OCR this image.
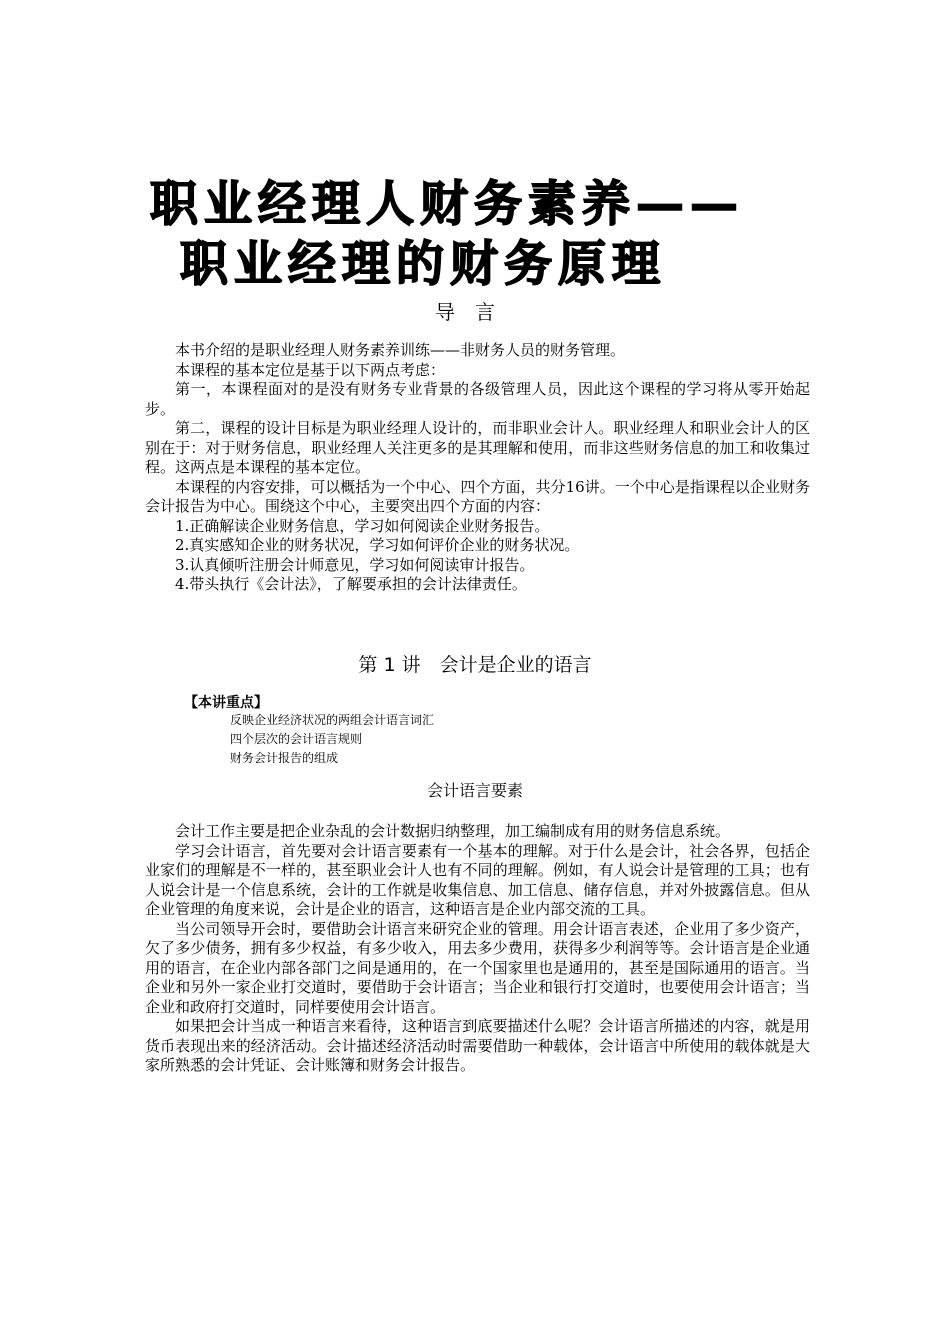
职业经理人财务素养——
职业经理的财务原理
导言

本书介绍的是职业经理人财务素养训练——非财务人员的财务管理。

本课程的基本定位是基于以下两点考虑：

第一，本课程面对的是没有财务专业背景的各级管理人员，因此这个课程的学习将从零开始起步。

第二，课程的设计目标是为职业经理人设计的，而非职业会计人。职业经理人和职业会计人的区别在于：对于财务信息，职业经理人关注更多的是其理解和使用，而非这些财务信息的加工和收集过程。这两点是本课程的基本定位。

本课程的内容安排，可以概括为一个中心、四个方面，共分16讲。一个中心是指课程以企业财务会计报告为中心。围绕这个中心，主要突出四个方面的内容：

1.正确解读企业财务信息，学习如何阅读企业财务报告。

2.真实感知企业的财务状况，学习如何评价企业的财务状况。

3.认真倾听注册会计师意见，学习如何阅读审计报告。

4.带头执行《会计法》，了解要承担的会计法律责任。

第 1 讲　会计是企业的语言
【本讲重点】
反映企业经济状况的两组会计语言词汇
四个层次的会计语言规则
财务会计报告的组成
会计语言要素

会计工作主要是把企业杂乱的会计数据归纳整理，加工编制成有用的财务信息系统。

学习会计语言，首先要对会计语言要素有一个基本的理解。对于什么是会计，社会各界，包括企业家们的理解是不一样的，甚至职业会计人也有不同的理解。例如，有人说会计是管理的工具；也有人说会计是一个信息系统，会计的工作就是收集信息、加工信息、储存信息，并对外披露信息。但从企业管理的角度来说，会计是企业的语言，这种语言是企业内部交流的工具。

当公司领导开会时，要借助会计语言来研究企业的管理。用会计语言表述，企业用了多少资产，欠了多少债务，拥有多少权益，有多少收入，用去多少费用，获得多少利润等等。会计语言是企业通用的语言，在企业内部各部门之间是通用的，在一个国家里也是通用的，甚至是国际通用的语言。当企业和另外一家企业打交道时，要借助于会计语言；当企业和银行打交道时，也要使用会计语言；当企业和政府打交道时，同样要使用会计语言。

如果把会计当成一种语言来看待，这种语言到底要描述什么呢？会计语言所描述的内容，就是用货币表现出来的经济活动。会计描述经济活动时需要借助一种载体，会计语言中所使用的载体就是大家所熟悉的会计凭证、会计账簿和财务会计报告。
